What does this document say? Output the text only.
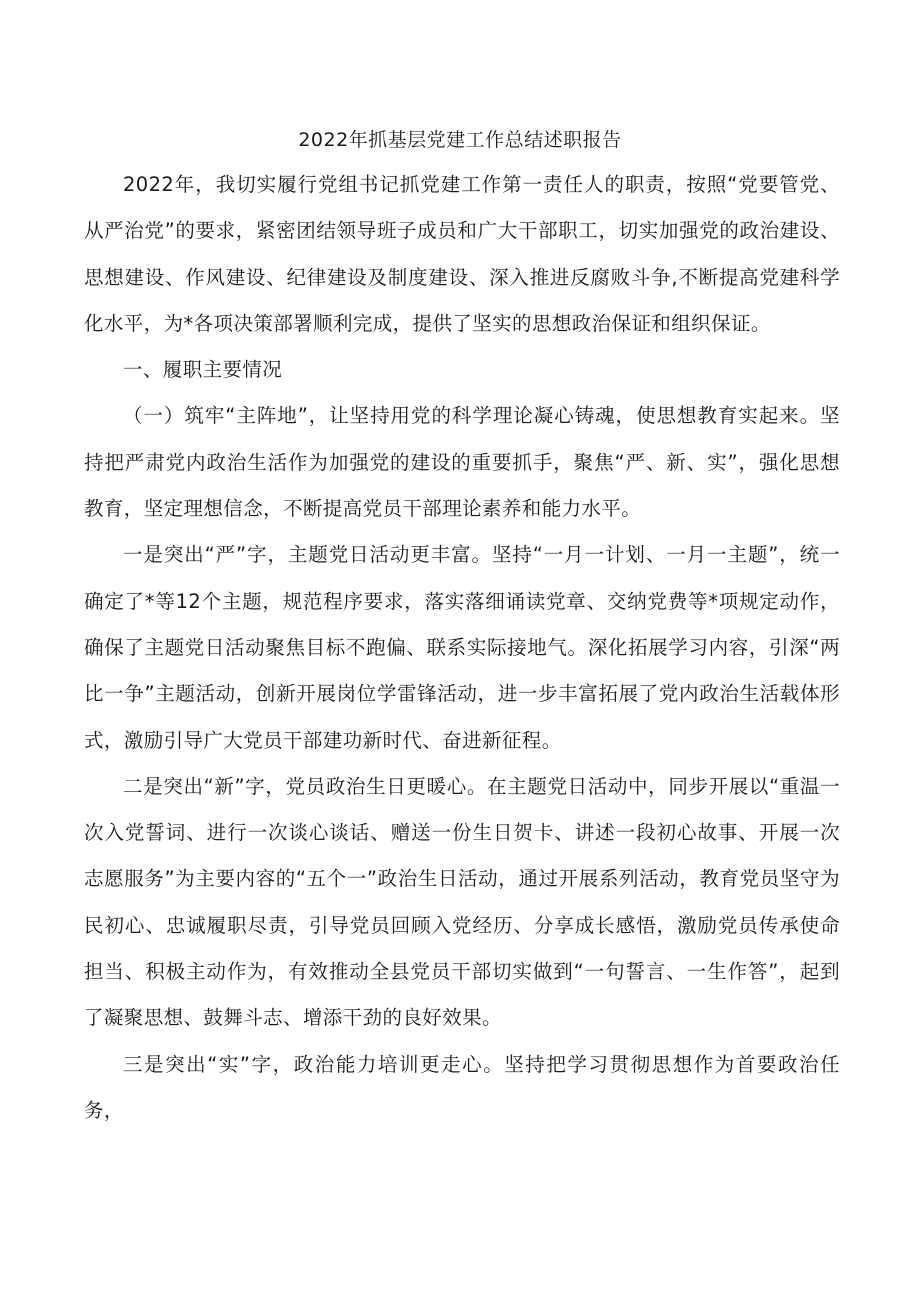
2022年抓基层党建工作总结述职报告

2022年，我切实履行党组书记抓党建工作第一责任人的职责，按照“党要管党、从严治党”的要求，紧密团结领导班子成员和广大干部职工，切实加强党的政治建设、思想建设、作风建设、纪律建设及制度建设、深入推进反腐败斗争,不断提高党建科学化水平，为*各项决策部署顺利完成，提供了坚实的思想政治保证和组织保证。

一、履职主要情况

（一）筑牢“主阵地”，让坚持用党的科学理论凝心铸魂，使思想教育实起来。坚持把严肃党内政治生活作为加强党的建设的重要抓手，聚焦“严、新、实”，强化思想教育，坚定理想信念，不断提高党员干部理论素养和能力水平。

一是突出“严”字，主题党日活动更丰富。坚持“一月一计划、一月一主题”，统一确定了*等12个主题，规范程序要求，落实落细诵读党章、交纳党费等*项规定动作，确保了主题党日活动聚焦目标不跑偏、联系实际接地气。深化拓展学习内容，引深“两比一争”主题活动，创新开展岗位学雷锋活动，进一步丰富拓展了党内政治生活载体形式，激励引导广大党员干部建功新时代、奋进新征程。

二是突出“新”字，党员政治生日更暖心。在主题党日活动中，同步开展以“重温一次入党誓词、进行一次谈心谈话、赠送一份生日贺卡、讲述一段初心故事、开展一次志愿服务”为主要内容的“五个一”政治生日活动，通过开展系列活动，教育党员坚守为民初心、忠诚履职尽责，引导党员回顾入党经历、分享成长感悟，激励党员传承使命担当、积极主动作为，有效推动全县党员干部切实做到“一句誓言、一生作答”，起到了凝聚思想、鼓舞斗志、增添干劲的良好效果。

三是突出“实”字，政治能力培训更走心。坚持把学习贯彻思想作为首要政治任务，
